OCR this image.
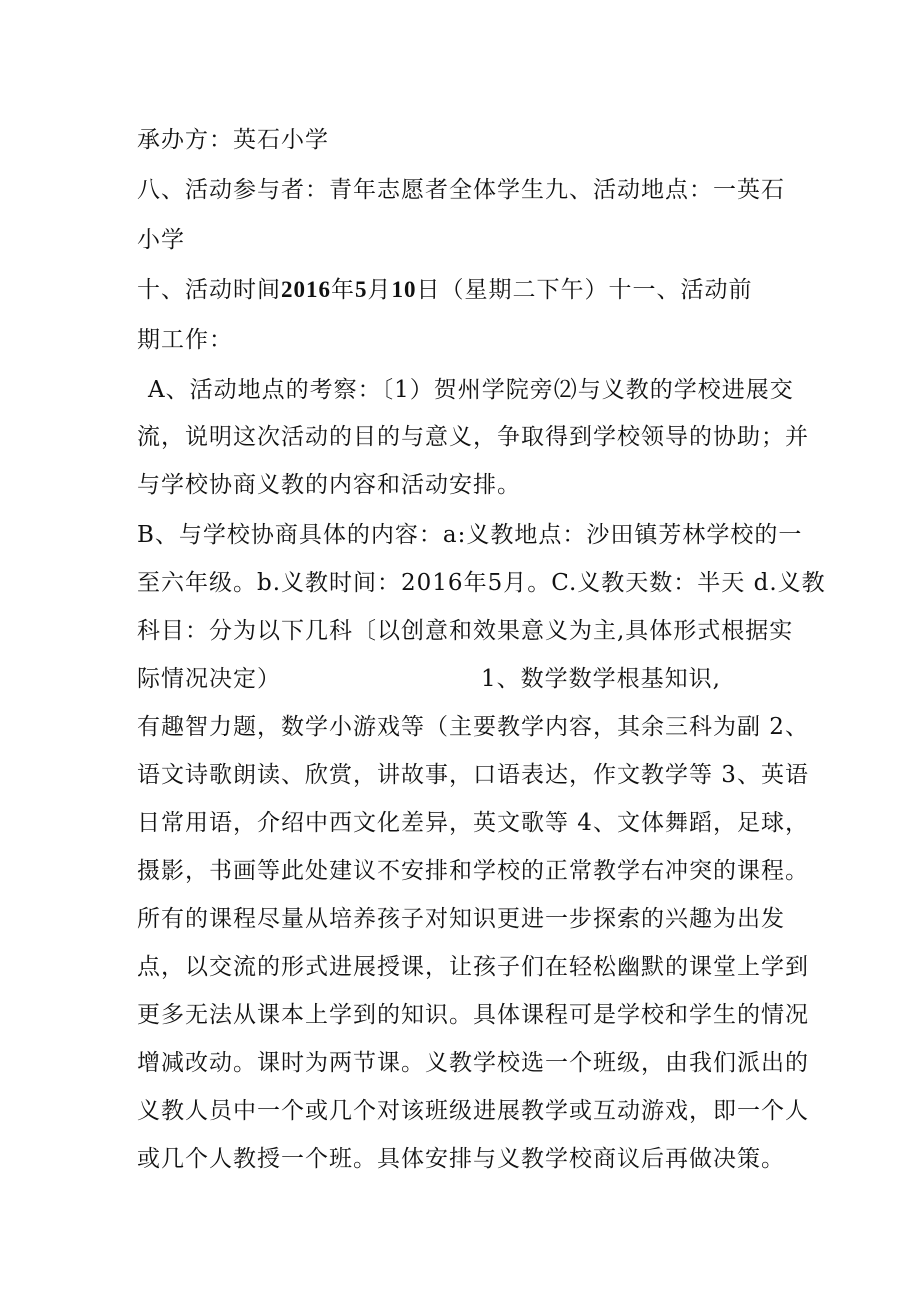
承办方：英石小学
八、活动参与者：青年志愿者全体学生九、活动地点：一英石
小学
十、活动时间2016年5月10日（星期二下午）十一、活动前
期工作：
A、活动地点的考察：〔1）贺州学院旁⑵与义教的学校进展交
流，说明这次活动的目的与意义，争取得到学校领导的协助；并
与学校协商义教的内容和活动安排。
B、与学校协商具体的内容：a:义教地点：沙田镇芳林学校的一
至六年级。b.义教时间：2016年5月。C.义教天数：半天 d.义教
科目：分为以下几科〔以创意和效果意义为主,具体形式根据实
际情况决定）	1、数学数学根基知识,
有趣智力题，数学小游戏等（主要教学内容，其余三科为副 2、
语文诗歌朗读、欣赏，讲故事，口语表达，作文教学等 3、英语
日常用语，介绍中西文化差异，英文歌等 4、文体舞蹈，足球，
摄影，书画等此处建议不安排和学校的正常教学右冲突的课程。
所有的课程尽量从培养孩子对知识更进一步探索的兴趣为出发
点，以交流的形式进展授课，让孩子们在轻松幽默的课堂上学到
更多无法从课本上学到的知识。具体课程可是学校和学生的情况
增减改动。课时为两节课。义教学校选一个班级，由我们派出的
义教人员中一个或几个对该班级进展教学或互动游戏，即一个人
或几个人教授一个班。具体安排与义教学校商议后再做决策。
